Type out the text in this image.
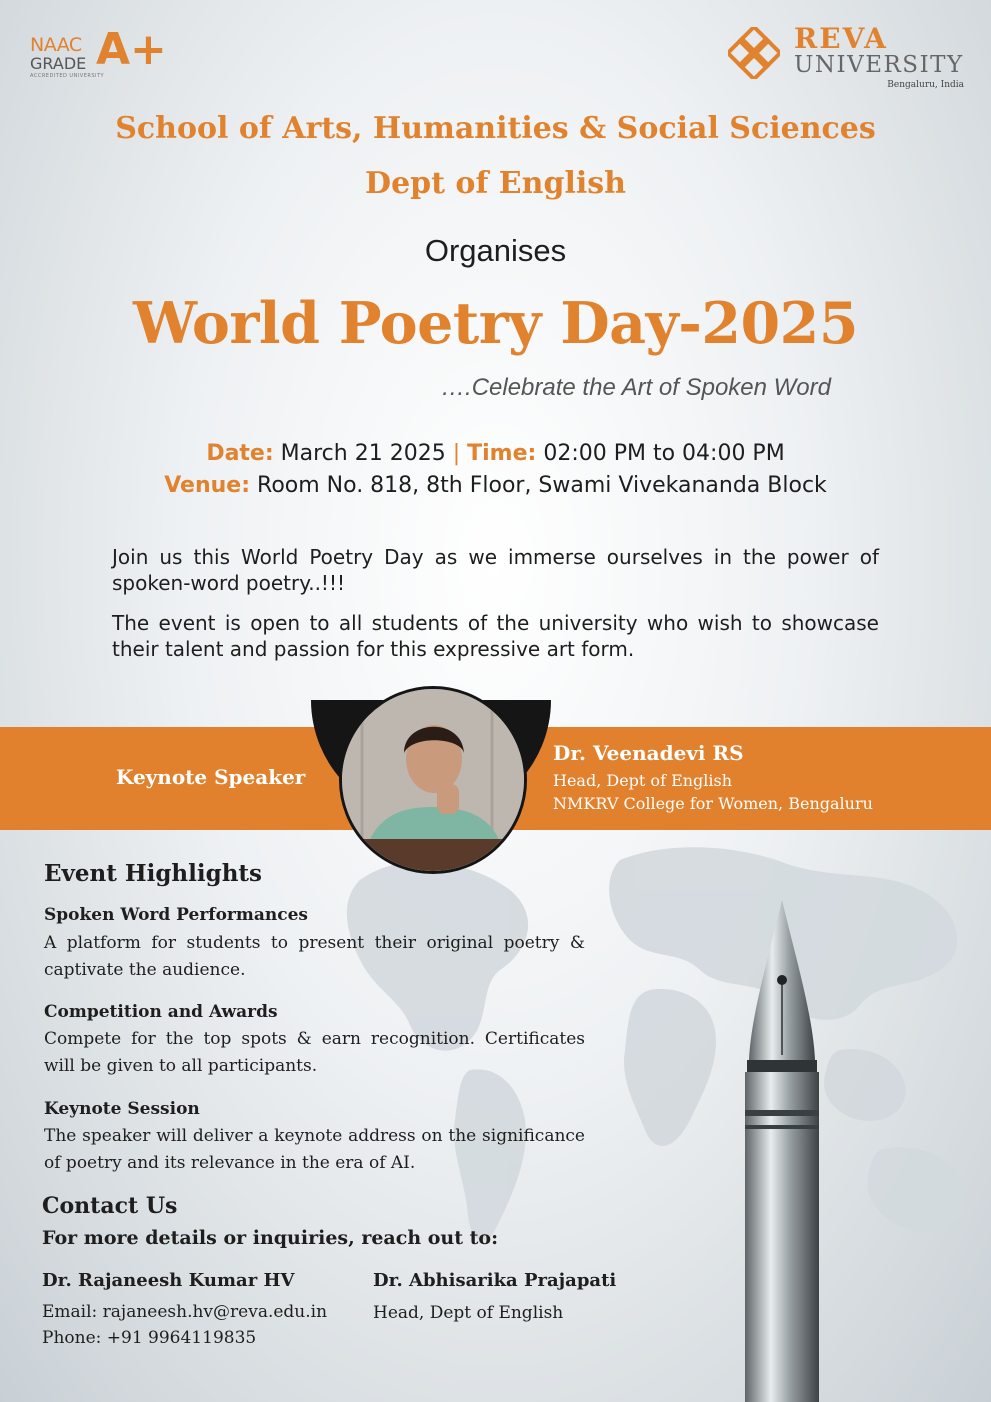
NAAC
GRADE
ACCREDITED UNIVERSITY
A+	REVA
UNIVERSITY
Bengaluru, India
School of Arts, Humanities & Social Sciences
Dept of English
Organises
World Poetry Day-2025
….Celebrate the Art of Spoken Word
Date: March 21 2025 | Time: 02:00 PM to 04:00 PM
Venue: Room No. 818, 8th Floor, Swami Vivekananda Block
Join us this World Poetry Day as we immerse ourselves in the power of spoken-word poetry..!!!
The event is open to all students of the university who wish to showcase their talent and passion for this expressive art form.
Keynote Speaker
Dr. Veenadevi RS
Head, Dept of English
NMKRV College for Women, Bengaluru
Event Highlights
Spoken Word Performances
A platform for students to present their original poetry & captivate the audience.
Competition and Awards
Compete for the top spots & earn recognition. Certificates will be given to all participants.
Keynote Session
The speaker will deliver a keynote address on the significance of poetry and its relevance in the era of AI.
Contact Us
For more details or inquiries, reach out to:
Dr. Rajaneesh Kumar HV
Email: rajaneesh.hv@reva.edu.in
Phone: +91 9964119835
Dr. Abhisarika Prajapati
Head, Dept of English
